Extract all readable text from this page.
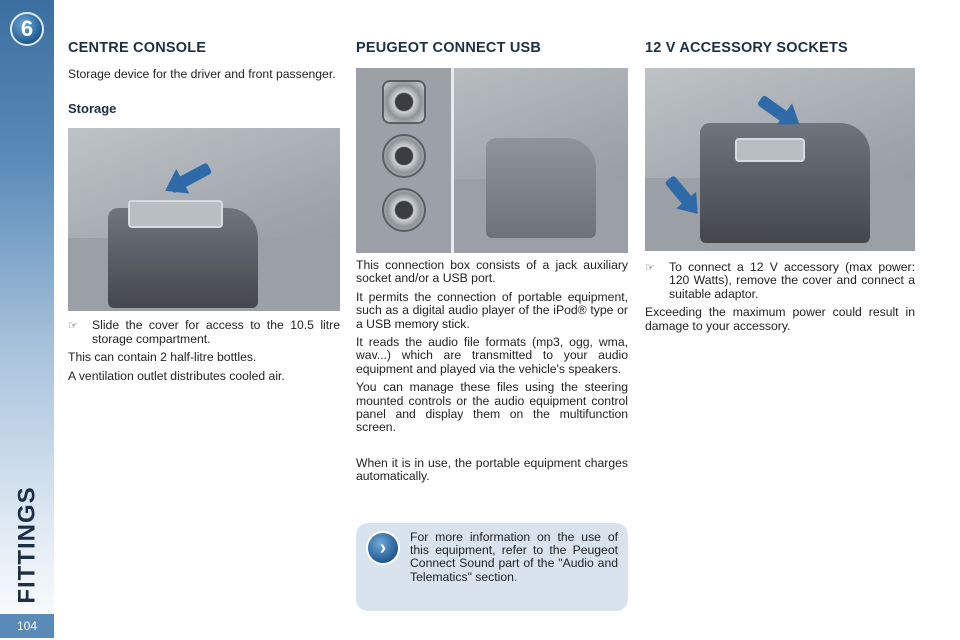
6
FITTINGS
104
CENTRE CONSOLE

Storage device for the driver and front passenger.

Storage
☞	Slide the cover for access to the 10.5 litre storage compartment.

This can contain 2 half-litre bottles.

A ventilation outlet distributes cooled air.

PEUGEOT CONNECT USB

This connection box consists of a jack auxiliary socket and/or a USB port.

It permits the connection of portable equipment, such as a digital audio player of the iPod® type or a USB memory stick.

It reads the audio file formats (mp3, ogg, wma, wav...) which are transmitted to your audio equipment and played via the vehicle's speakers.

You can manage these files using the steering mounted controls or the audio equipment control panel and display them on the multifunction screen.

When it is in use, the portable equipment charges automatically.

12 V ACCESSORY SOCKETS
☞	To connect a 12 V accessory (max power: 120 Watts), remove the cover and connect a suitable adaptor.

Exceeding the maximum power could result in damage to your accessory.

›	For more information on the use of this equipment, refer to the Peugeot Connect Sound part of the "Audio and Telematics" section.
